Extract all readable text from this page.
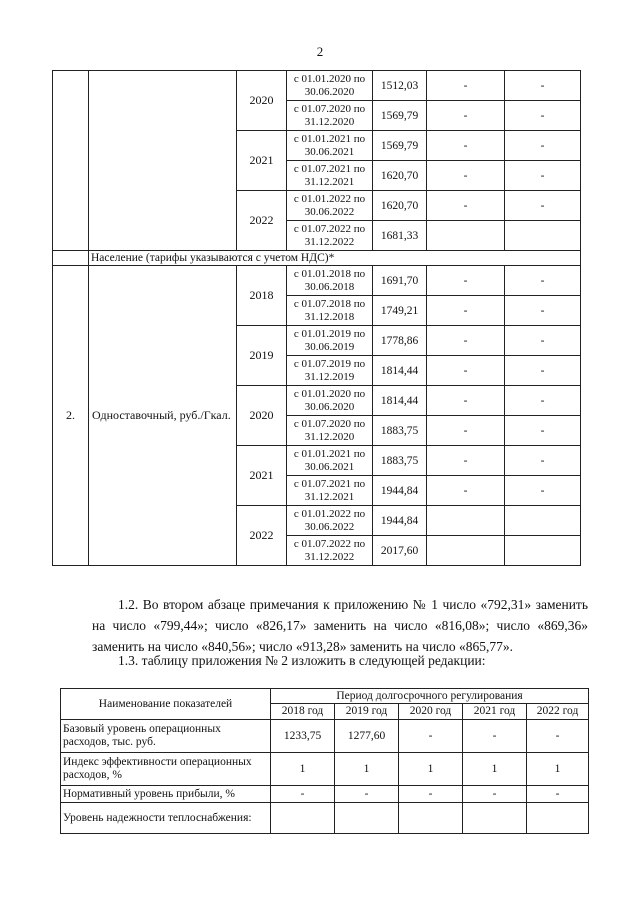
2
		2020	с 01.01.2020 по 30.06.2020	1512,03	-	-
			с 01.07.2020 по 31.12.2020	1569,79	-	-
		2021	с 01.01.2021 по 30.06.2021	1569,79	-	-
			с 01.07.2021 по 31.12.2021	1620,70	-	-
		2022	с 01.01.2022 по 30.06.2022	1620,70	-	-
			с 01.07.2022 по 31.12.2022	1681,33		
	Население (тарифы указываются с учетом НДС)*					
2.	Одноставочный, руб./Гкал.	2018	с 01.01.2018 по 30.06.2018	1691,70	-	-
			с 01.07.2018 по 31.12.2018	1749,21	-	-
		2019	с 01.01.2019 по 30.06.2019	1778,86	-	-
			с 01.07.2019 по 31.12.2019	1814,44	-	-
		2020	с 01.01.2020 по 30.06.2020	1814,44	-	-
			с 01.07.2020 по 31.12.2020	1883,75	-	-
		2021	с 01.01.2021 по 30.06.2021	1883,75	-	-
			с 01.07.2021 по 31.12.2021	1944,84	-	-
		2022	с 01.01.2022 по 30.06.2022	1944,84		
			с 01.07.2022 по 31.12.2022	2017,60		
1.2. Во втором абзаце примечания к приложению № 1 число «792,31» заменить на число «799,44»; число «826,17» заменить на число «816,08»; число «869,36» заменить на число «840,56»; число «913,28» заменить на число «865,77».
1.3. таблицу приложения № 2 изложить в следующей редакции:
Наименование показателей	Период долгосрочного регулирования				
	2018 год	2019 год	2020 год	2021 год	2022 год
Базовый уровень операционных расходов, тыс. руб.	1233,75	1277,60	-	-	-
Индекс эффективности операционных расходов, %	1	1	1	1	1
Нормативный уровень прибыли, %	-	-	-	-	-
Уровень надежности теплоснабжения:					
